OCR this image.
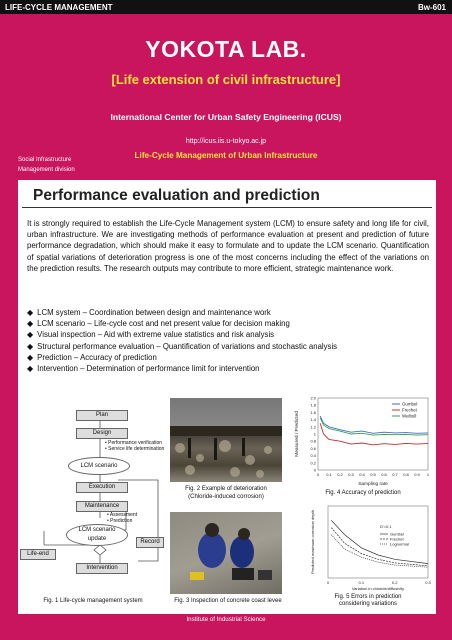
LIFE-CYCLE MANAGEMENT	Bw-601
YOKOTA LAB.
[Life extension of civil infrastructure]
International Center for Urban Safety Engineering (ICUS)
http://icus.iis.u-tokyo.ac.jp
Social Infrastructure
Management division
Life-Cycle Management of Urban Infrastructure
Performance evaluation and prediction
It is strongly required to establish the Life-Cycle Management system (LCM) to ensure safety and long life for civil, urban infrastructure. We are investigating methods of performance evaluation at present and prediction of future performance degradation, which should make it easy to formulate and to update the LCM scenario. Quantification of spatial variations of deterioration progress is one of the most concerns including the effect of the variations on the prediction results. The research outputs may contribute to more efficient, strategic maintenance work.
◆ LCM system – Coordination between design and maintenance work
◆ LCM scenario – Life-cycle cost and net present value for decision making
◆ Visual inspection – Aid with extreme value statistics and risk analysis
◆ Structural performance evaluation – Quantification of variations and stochastic analysis
◆ Prediction – Accuracy of prediction
◆ Intervention – Determination of performance limit for intervention
Plan
Design
• Performance verification
• Service life determination
LCM scenario
Execution
Maintenance
• Assessment
• Prediction
LCM scenario
update	Record
Life-end
Intervention
Fig. 1 Life-cycle management system
Fig. 2 Example of deterioration
(Chloride-induced corrosion)
Fig. 3 Inspection of concrete coast levee
0
0.2
0.4
0.6
0.8
1
1.2
1.4
1.6
1.8
2.0
0 0.1 0.2 0.3 0.4 0.5 0.6 0.7 0.8 0.9 1
Sampling rate
Measured / Predicted
Gumbel
Frechet
Weibull
Fig. 4 Accuracy of prediction
0	0.1	0.2	0.3
Variation in chloride/diffusivity
Predicted maximum corrosion depth	D'=0.1
Gumbel
Frechet
Lognormal
Fig. 5 Errors in prediction
considering variations
Institute of Industrial Science
